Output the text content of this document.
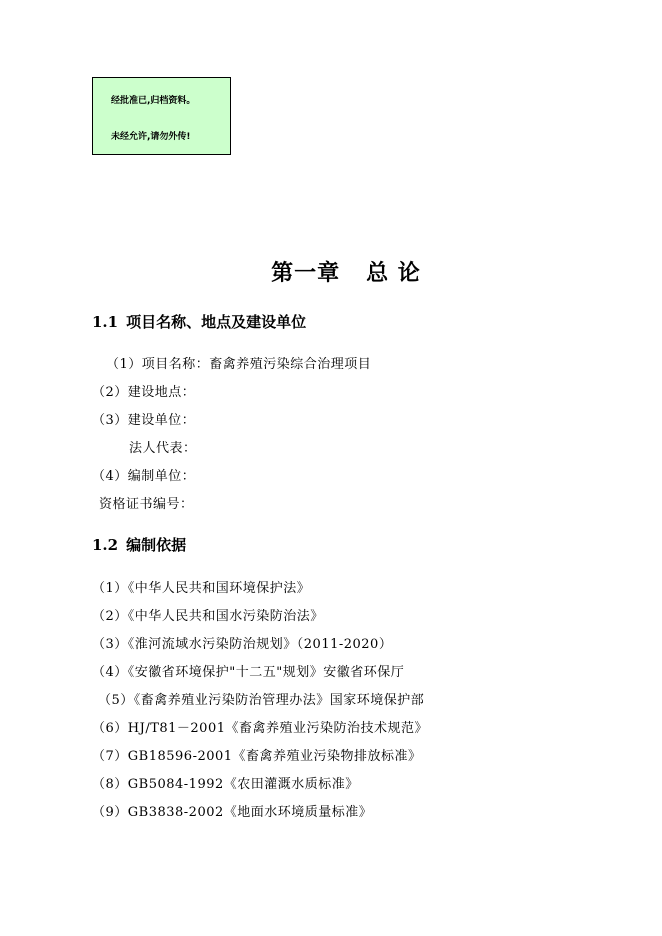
经批准已,归档资料。
未经允许,请勿外传!
第一章   总 论
1.1 项目名称、地点及建设单位
（1）项目名称：畜禽养殖污染综合治理项目
（2）建设地点：
（3）建设单位：
法人代表：
（4）编制单位：
资格证书编号：
1.2 编制依据
（1）《中华人民共和国环境保护法》
（2）《中华人民共和国水污染防治法》
（3）《淮河流域水污染防治规划》（2011-2020）
（4）《安徽省环境保护"十二五"规划》安徽省环保厅
（5）《畜禽养殖业污染防治管理办法》国家环境保护部
（6）HJ/T81－2001《畜禽养殖业污染防治技术规范》
（7）GB18596-2001《畜禽养殖业污染物排放标准》
（8）GB5084-1992《农田灌溉水质标准》
（9）GB3838-2002《地面水环境质量标准》
